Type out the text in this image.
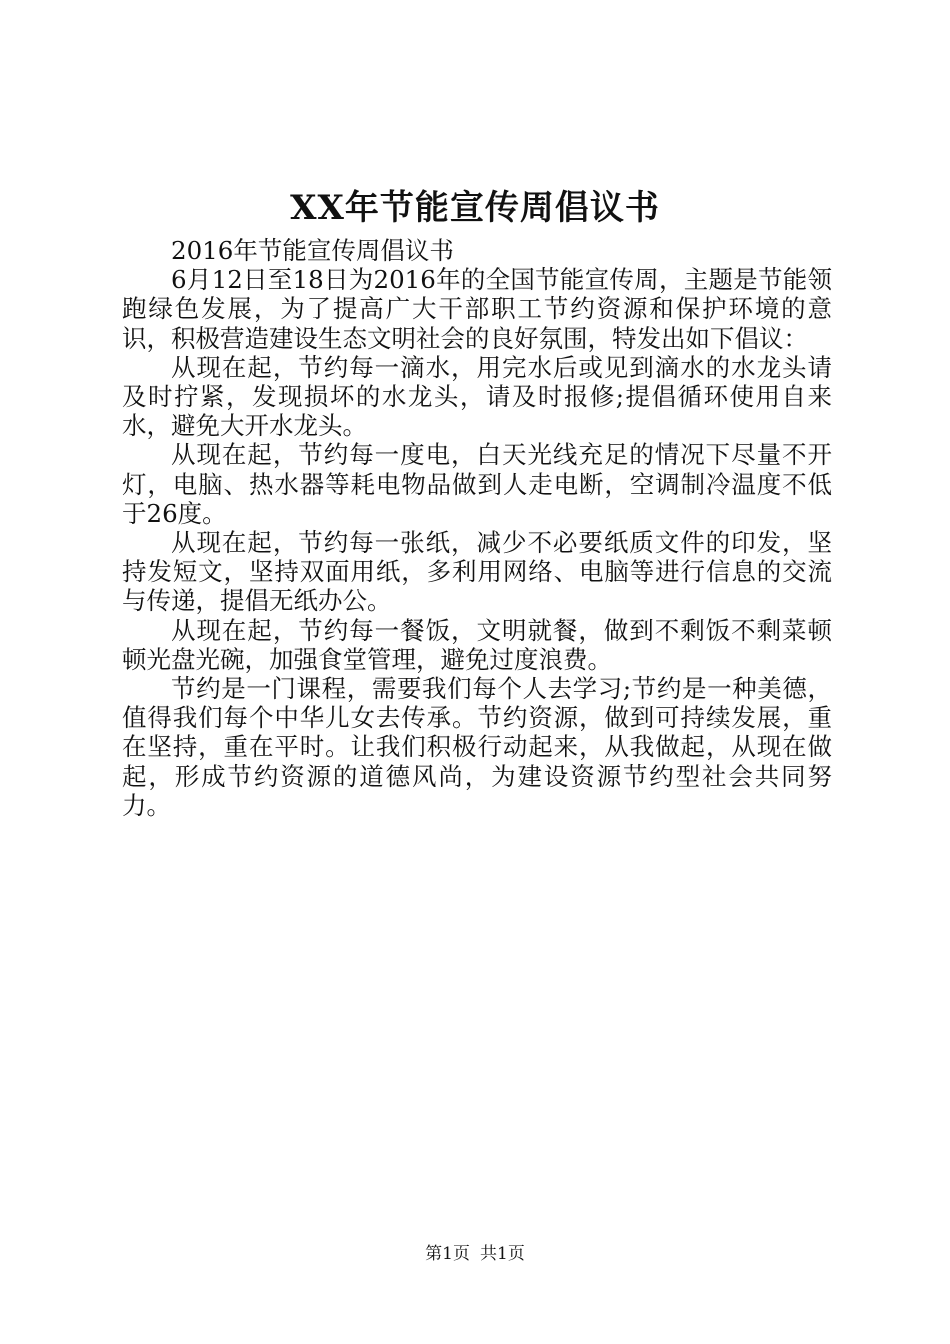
XX年节能宣传周倡议书

2016年节能宣传周倡议书

6月12日至18日为2016年的全国节能宣传周，主题是节能领跑绿色发展，为了提高广大干部职工节约资源和保护环境的意识，积极营造建设生态文明社会的良好氛围，特发出如下倡议：

从现在起，节约每一滴水，用完水后或见到滴水的水龙头请及时拧紧，发现损坏的水龙头，请及时报修;提倡循环使用自来水，避免大开水龙头。

从现在起，节约每一度电，白天光线充足的情况下尽量不开灯，电脑、热水器等耗电物品做到人走电断，空调制冷温度不低于26度。

从现在起，节约每一张纸，减少不必要纸质文件的印发，坚持发短文，坚持双面用纸，多利用网络、电脑等进行信息的交流与传递，提倡无纸办公。

从现在起，节约每一餐饭，文明就餐，做到不剩饭不剩菜顿顿光盘光碗，加强食堂管理，避免过度浪费。

节约是一门课程，需要我们每个人去学习;节约是一种美德，值得我们每个中华儿女去传承。节约资源，做到可持续发展，重在坚持，重在平时。让我们积极行动起来，从我做起，从现在做起，形成节约资源的道德风尚，为建设资源节约型社会共同努力。

第1页 共1页
